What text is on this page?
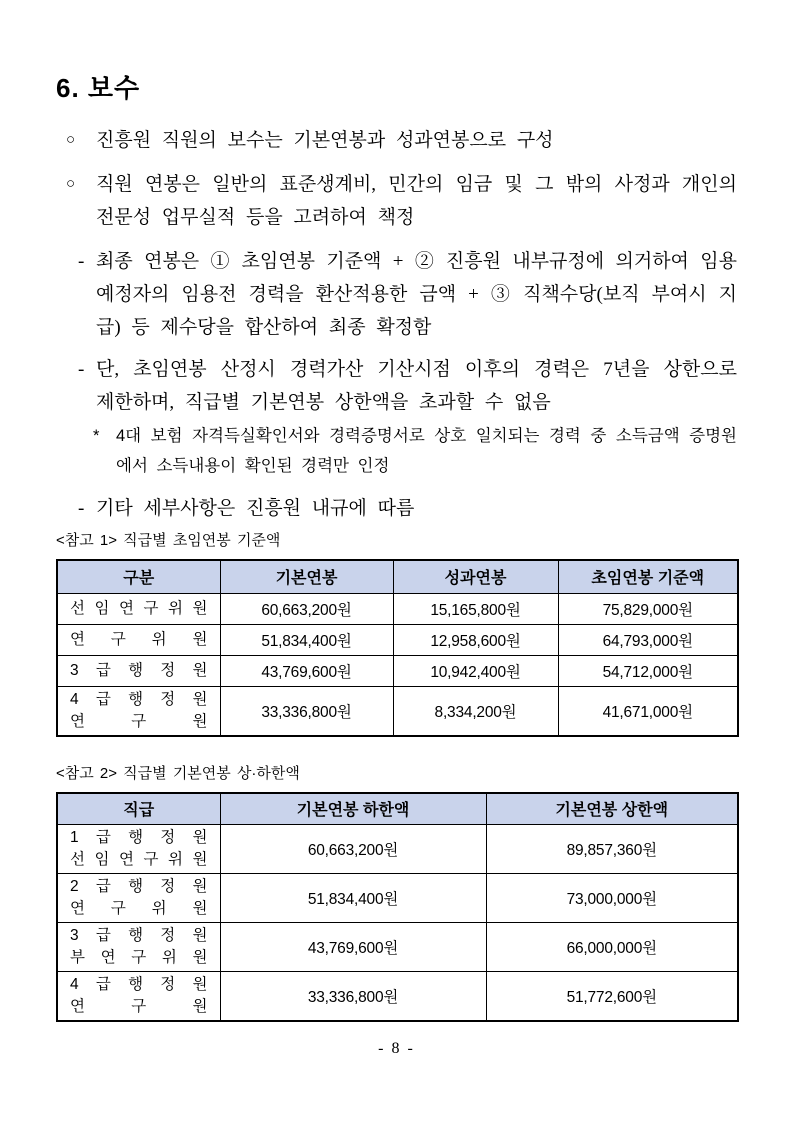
6. 보수
○	진흥원 직원의 보수는 기본연봉과 성과연봉으로 구성
○	직원 연봉은 일반의 표준생계비, 민간의 임금 및 그 밖의 사정과 개인의 전문성 업무실적 등을 고려하여 책정
- 최종 연봉은 ① 초임연봉 기준액 + ② 진흥원 내부규정에 의거하여 임용 예정자의 임용전 경력을 환산적용한 금액 + ③ 직책수당(보직 부여시 지급) 등 제수당을 합산하여 최종 확정함
- 단, 초임연봉 산정시 경력가산 기산시점 이후의 경력은 7년을 상한으로 제한하며, 직급별 기본연봉 상한액을 초과할 수 없음
*	4대 보험 자격득실확인서와 경력증명서로 상호 일치되는 경력 중 소득금액 증명원에서 소득내용이 확인된 경력만 인정
- 기타 세부사항은 진흥원 내규에 따름

<참고 1> 직급별 초임연봉 기준액

구분	기본연봉	성과연봉	초임연봉 기준액

선 임 연 구 위 원	60,663,200원	15,165,800원	75,829,000원

연 구 위 원	51,834,400원	12,958,600원	64,793,000원

3 급 행 정 원	43,769,600원	10,942,400원	54,712,000원

4 급 행 정 원
연 구 원	33,336,800원	8,334,200원	41,671,000원

<참고 2> 직급별 기본연봉 상·하한액

직급	기본연봉 하한액	기본연봉 상한액

1 급 행 정 원
선 임 연 구 위 원	60,663,200원	89,857,360원

2 급 행 정 원
연 구 위 원	51,834,400원	73,000,000원

3 급 행 정 원
부 연 구 위 원	43,769,600원	66,000,000원

4 급 행 정 원
연 구 원	33,336,800원	51,772,600원
- 8 -
